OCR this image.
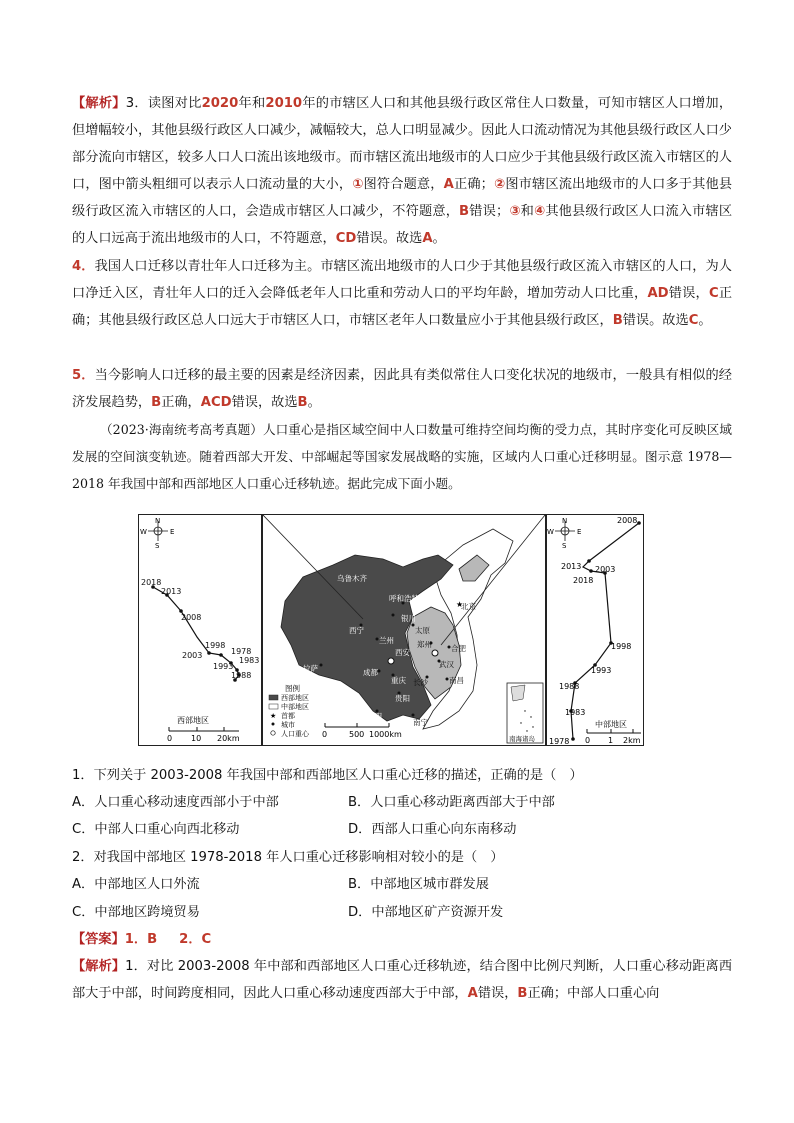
【解析】3．读图对比2020年和2010年的市辖区人口和其他县级行政区常住人口数量，可知市辖区人口增加，但增幅较小，其他县级行政区人口减少，减幅较大，总人口明显减少。因此人口流动情况为其他县级行政区人口少部分流向市辖区，较多人口人口流出该地级市。而市辖区流出地级市的人口应少于其他县级行政区流入市辖区的人口，图中箭头粗细可以表示人口流动量的大小，①图符合题意，A正确；②图市辖区流出地级市的人口多于其他县级行政区流入市辖区的人口，会造成市辖区人口减少，不符题意，B错误；③和④其他县级行政区人口流入市辖区的人口远高于流出地级市的人口，不符题意，CD错误。故选A。

4．我国人口迁移以青壮年人口迁移为主。市辖区流出地级市的人口少于其他县级行政区流入市辖区的人口，为人口净迁入区，青壮年人口的迁入会降低老年人口比重和劳动人口的平均年龄，增加劳动人口比重，AD错误，C正确；其他县级行政区总人口远大于市辖区人口，市辖区老年人口数量应小于其他县级行政区，B错误。故选C。

5．当今影响人口迁移的最主要的因素是经济因素，因此具有类似常住人口变化状况的地级市，一般具有相似的经济发展趋势，B正确，ACD错误，故选B。

（2023·海南统考高考真题）人口重心是指区域空间中人口数量可维持空间均衡的受力点，其时序变化可反映区域发展的空间演变轨迹。随着西部大开发、中部崛起等国家发展战略的实施，区域内人口重心迁移明显。图示意 1978—2018 年我国中部和西部地区人口重心迁移轨迹。据此完成下面小题。

N
S
W	E
2018
2013
2008
1998
1978
2003
1983
1993
1988
西部地区
0 10 20km
★
乌鲁木齐
呼和浩特
北京
银川
太原
西宁
兰州
西安
郑州	合肥
武汉
成都
重庆 长沙	南昌
拉萨
贵阳
昆明
南宁
图例
西部地区
中部地区
★ 首都
城市
人口重心 0	500 1000km	南海诸岛
N
S
W	E
2008
2013 2003
2018
1998
1993
1988
1983
1978
中部地区
0 1 2km
1．下列关于 2003-2008 年我国中部和西部地区人口重心迁移的描述，正确的是（　）
A．人口重心移动速度西部小于中部	B．人口重心移动距离西部大于中部
C．中部人口重心向西北移动	D．西部人口重心向东南移动
2．对我国中部地区 1978-2018 年人口重心迁移影响相对较小的是（　）
A．中部地区人口外流	B．中部地区城市群发展
C．中部地区跨境贸易	D．中部地区矿产资源开发
【答案】1．B 2．C

【解析】1．对比 2003-2008 年中部和西部地区人口重心迁移轨迹，结合图中比例尺判断，人口重心移动距离西部大于中部，时间跨度相同，因此人口重心移动速度西部大于中部，A错误，B正确；中部人口重心向
